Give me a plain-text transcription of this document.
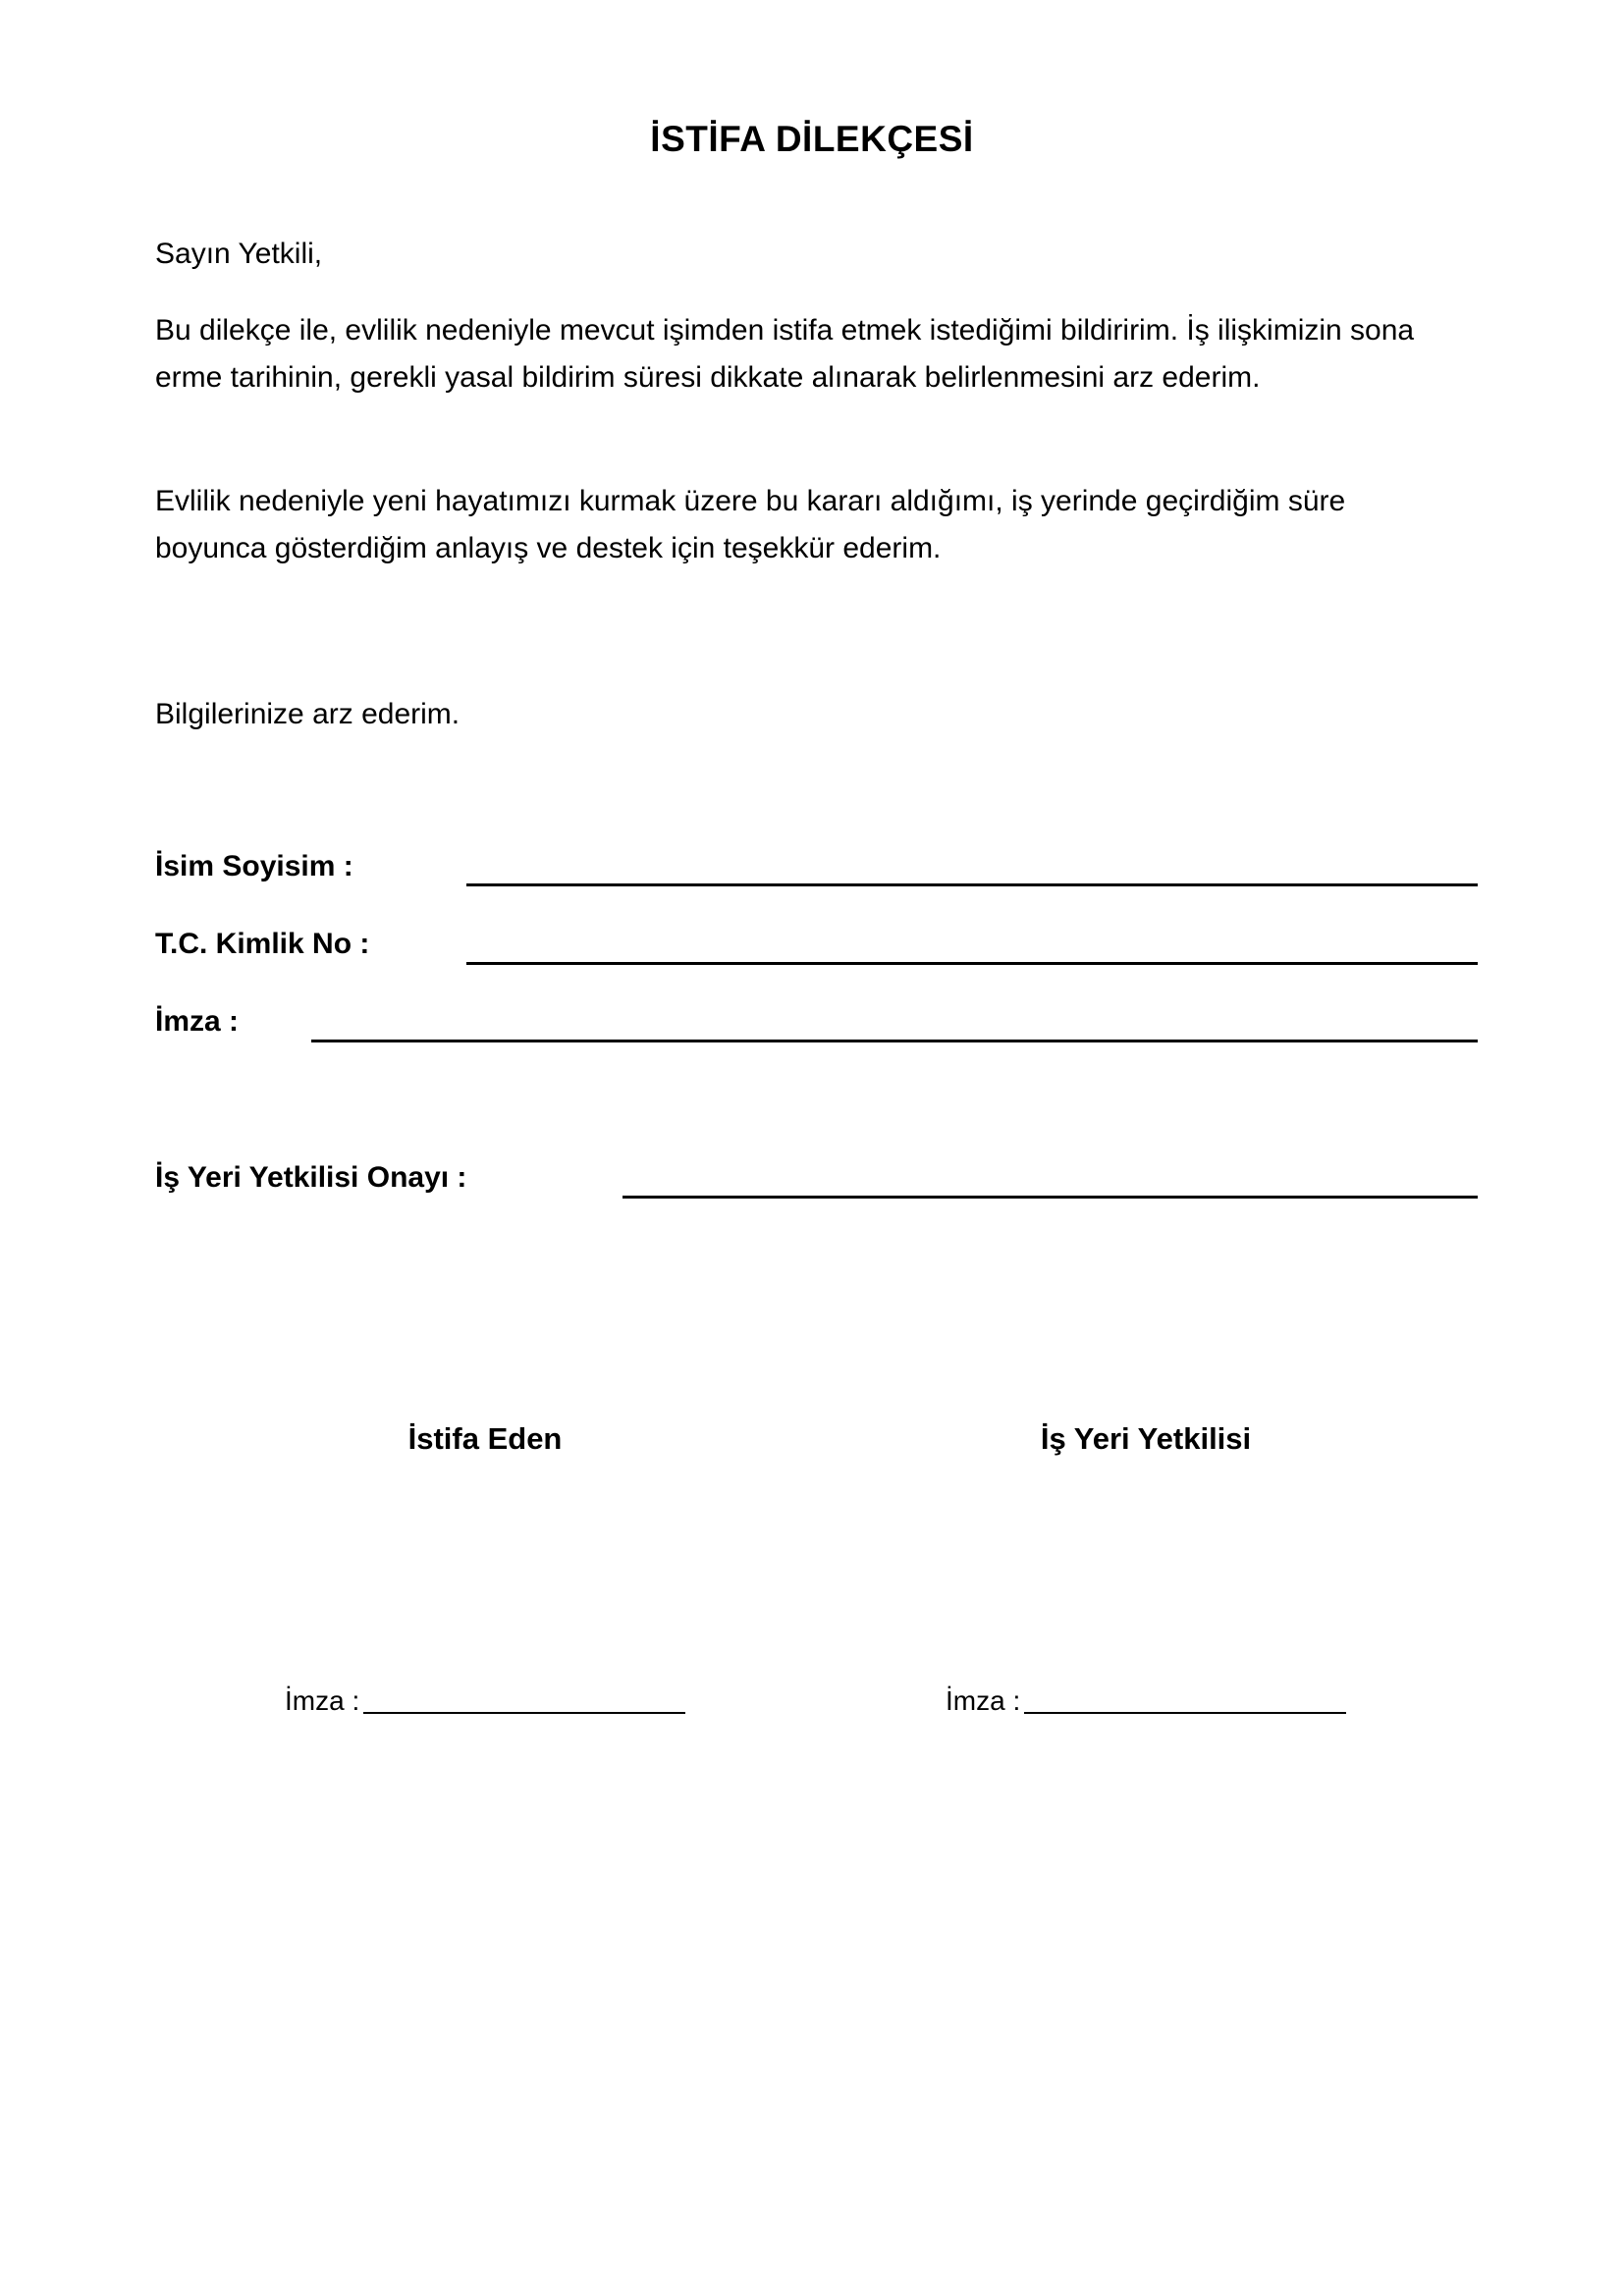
İSTİFA DİLEKÇESİ
Sayın Yetkili,
Bu dilekçe ile, evlilik nedeniyle mevcut işimden istifa etmek istediğimi bildiririm. İş ilişkimizin sona
erme tarihinin, gerekli yasal bildirim süresi dikkate alınarak belirlenmesini arz ederim.
Evlilik nedeniyle yeni hayatımızı kurmak üzere bu kararı aldığımı, iş yerinde geçirdiğim süre
boyunca gösterdiğim anlayış ve destek için teşekkür ederim.
Bilgilerinize arz ederim.
İsim Soyisim :
T.C. Kimlik No :
İmza :
İş Yeri Yetkilisi Onayı :
İstifa Eden	İş Yeri Yetkilisi
İmza :	İmza :
